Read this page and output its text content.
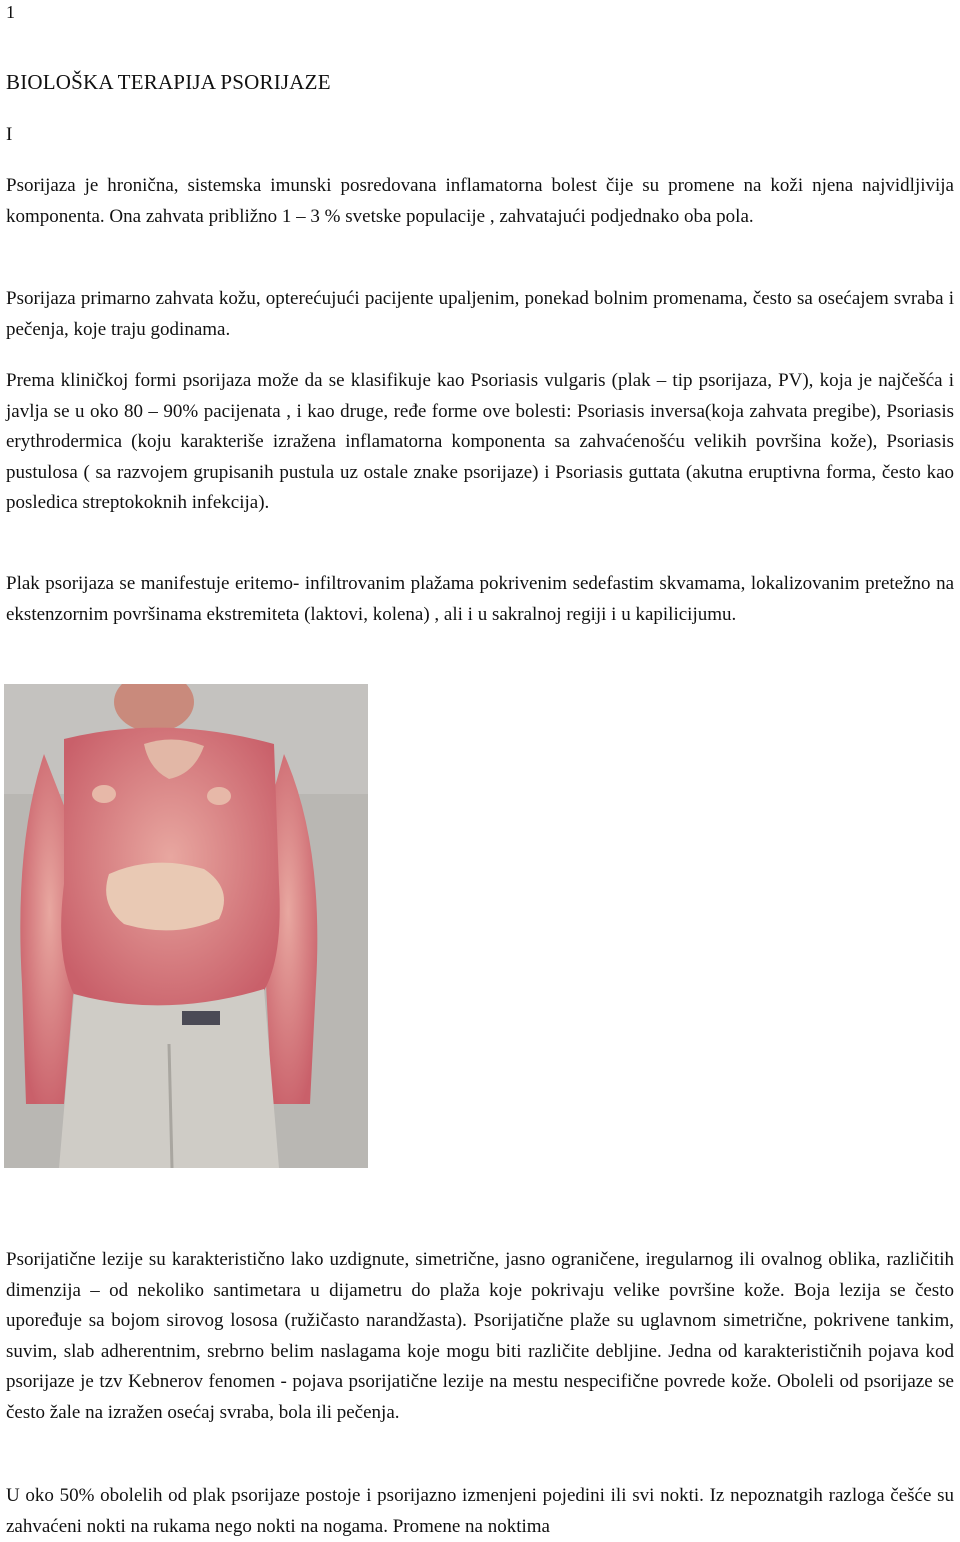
1
BIOLOŠKA TERAPIJA PSORIJAZE
I

Psorijaza je hronična, sistemska imunski posredovana inflamatorna bolest čije su promene na koži njena najvidljivija komponenta. Ona zahvata približno 1 – 3 % svetske populacije , zahvatajući podjednako oba pola.

Psorijaza primarno zahvata kožu, opterećujući pacijente upaljenim, ponekad bolnim promenama, često sa osećajem svraba i pečenja, koje traju godinama.

Prema kliničkoj formi psorijaza može da se klasifikuje kao Psoriasis vulgaris (plak – tip psorijaza, PV), koja je najčešća i javlja se u oko 80 – 90% pacijenata , i kao druge, ređe forme ove bolesti: Psoriasis inversa(koja zahvata pregibe), Psoriasis erythrodermica (koju karakteriše izražena inflamatorna komponenta sa zahvaćenošću velikih površina kože), Psoriasis pustulosa ( sa razvojem grupisanih pustula uz ostale znake psorijaze) i Psoriasis guttata (akutna eruptivna forma, često kao posledica streptokoknih infekcija).

Plak psorijaza se manifestuje eritemo- infiltrovanim plažama pokrivenim sedefastim skvamama, lokalizovanim pretežno na ekstenzornim površinama ekstremiteta (laktovi, kolena) , ali i u sakralnoj regiji i u kapilicijumu.

Psorijatične lezije su karakteristično lako uzdignute, simetrične, jasno ograničene, iregularnog ili ovalnog oblika, različitih dimenzija – od nekoliko santimetara u dijametru do plaža koje pokrivaju velike površine kože. Boja lezija se često upoređuje sa bojom sirovog lososa (ružičasto narandžasta). Psorijatične plaže su uglavnom simetrične, pokrivene tankim, suvim, slab adherentnim, srebrno belim naslagama koje mogu biti različite debljine. Jedna od karakterističnih pojava kod psorijaze je tzv Kebnerov fenomen - pojava psorijatične lezije na mestu nespecifične povrede kože. Oboleli od psorijaze se često žale na izražen osećaj svraba, bola ili pečenja.

U oko 50% obolelih od plak psorijaze postoje i psorijazno izmenjeni pojedini ili svi nokti. Iz nepoznatgih razloga češće su zahvaćeni nokti na rukama nego nokti na nogama. Promene na noktima
